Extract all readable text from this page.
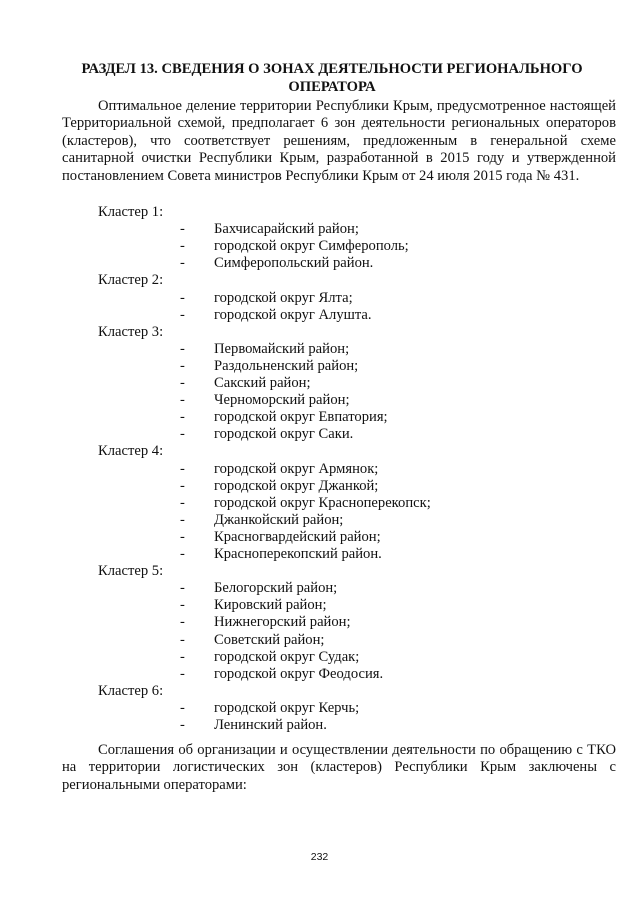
РАЗДЕЛ 13. СВЕДЕНИЯ О ЗОНАХ ДЕЯТЕЛЬНОСТИ РЕГИОНАЛЬНОГО ОПЕРАТОРА

Оптимальное деление территории Республики Крым, предусмотренное настоящей Территориальной схемой, предполагает 6 зон деятельности региональных операторов (кластеров), что соответствует решениям, предложенным в генеральной схеме санитарной очистки Республики Крым, разработанной в 2015 году и утвержденной постановлением Совета министров Республики Крым от 24 июля 2015 года № 431.

Кластер 1:
- Бахчисарайский район;
- городской округ Симферополь;
- Симферопольский район.
Кластер 2:
- городской округ Ялта;
- городской округ Алушта.
Кластер 3:
- Первомайский район;
- Раздольненский район;
- Сакский район;
- Черноморский район;
- городской округ Евпатория;
- городской округ Саки.
Кластер 4:
- городской округ Армянок;
- городской округ Джанкой;
- городской округ Красноперекопск;
- Джанкойский район;
- Красногвардейский район;
- Красноперекопский район.
Кластер 5:
- Белогорский район;
- Кировский район;
- Нижнегорский район;
- Советский район;
- городской округ Судак;
- городской округ Феодосия.
Кластер 6:
- городской округ Керчь;
- Ленинский район.

Соглашения об организации и осуществлении деятельности по обращению с ТКО на территории логистических зон (кластеров) Республики Крым заключены с региональными операторами:

232
